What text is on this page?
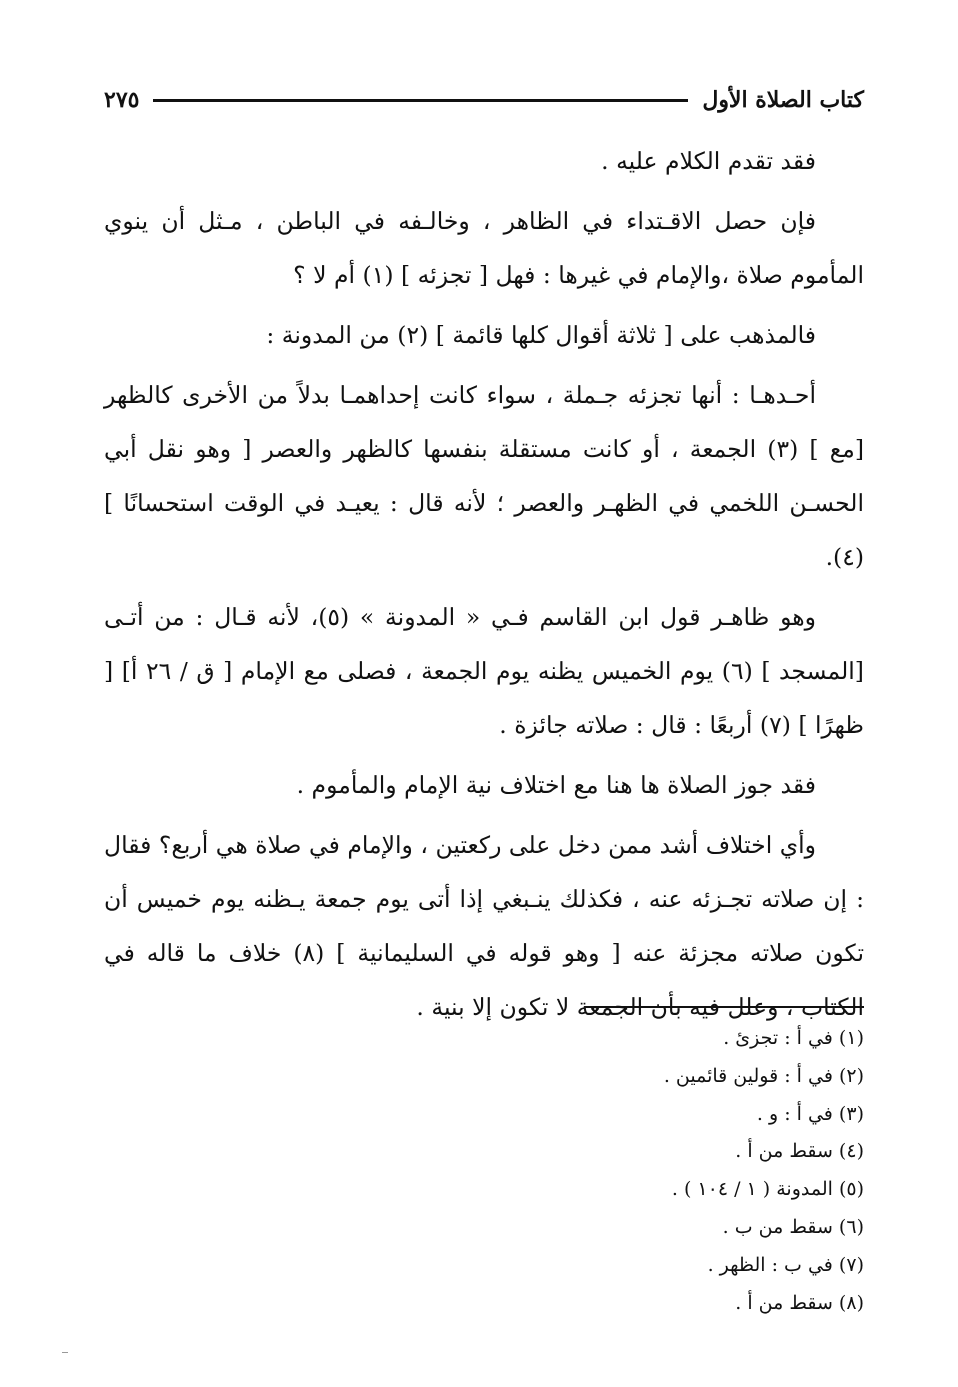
كتاب الصلاة الأول
٢٧٥

فقد تقدم الكلام عليه .

فإن حصل الاقـتداء في الظاهر ، وخالـفه في الباطن ، مـثل أن ينوي المأموم صلاة ،والإمام في غيرها : فهل [ تجزئه ] (١) أم لا ؟

فالمذهب على [ ثلاثة أقوال كلها قائمة ] (٢) من المدونة :

أحـدهـا : أنها تجزئه جـملة ، سواء كانت إحداهمـا بدلاً من الأخرى كالظهر [مع ] (٣) الجمعة ، أو كانت مستقلة بنفسها كالظهر والعصر [ وهو نقل أبي الحسـن اللخمي في الظهـر والعصر ؛ لأنه قال : يعيـد في الوقت استحسانًا ] (٤).

وهو ظاهـر قول ابن القاسم فـي « المدونة » (٥)، لأنه قـال : من أتـى [المسجد ] (٦) يوم الخميس يظنه يوم الجمعة ، فصلى مع الإمام [ ق / ٢٦ أ] [ ظهرًا ] (٧) أربعًا : قال : صلاته جائزة .

فقد جوز الصلاة ها هنا مع اختلاف نية الإمام والمأموم .

وأي اختلاف أشد ممن دخل على ركعتين ، والإمام في صلاة هي أربع؟ فقال : إن صلاته تجـزئه عنه ، فكذلك ينـبغي إذا أتى يوم جمعة يـظنه يوم خميس أن تكون صلاته مجزئة عنه [ وهو قوله في السليمانية ] (٨) خلاف ما قاله في الكتاب ، وعلل فيه بأن الجمعة لا تكون إلا بنية .

(١) في أ : تجزئ .
(٢) في أ : قولين قائمين .
(٣) في أ : و .
(٤) سقط من أ .
(٥) المدونة ( ١ / ١٠٤ ) .
(٦) سقط من ب .
(٧) في ب : الظهر .
(٨) سقط من أ .
